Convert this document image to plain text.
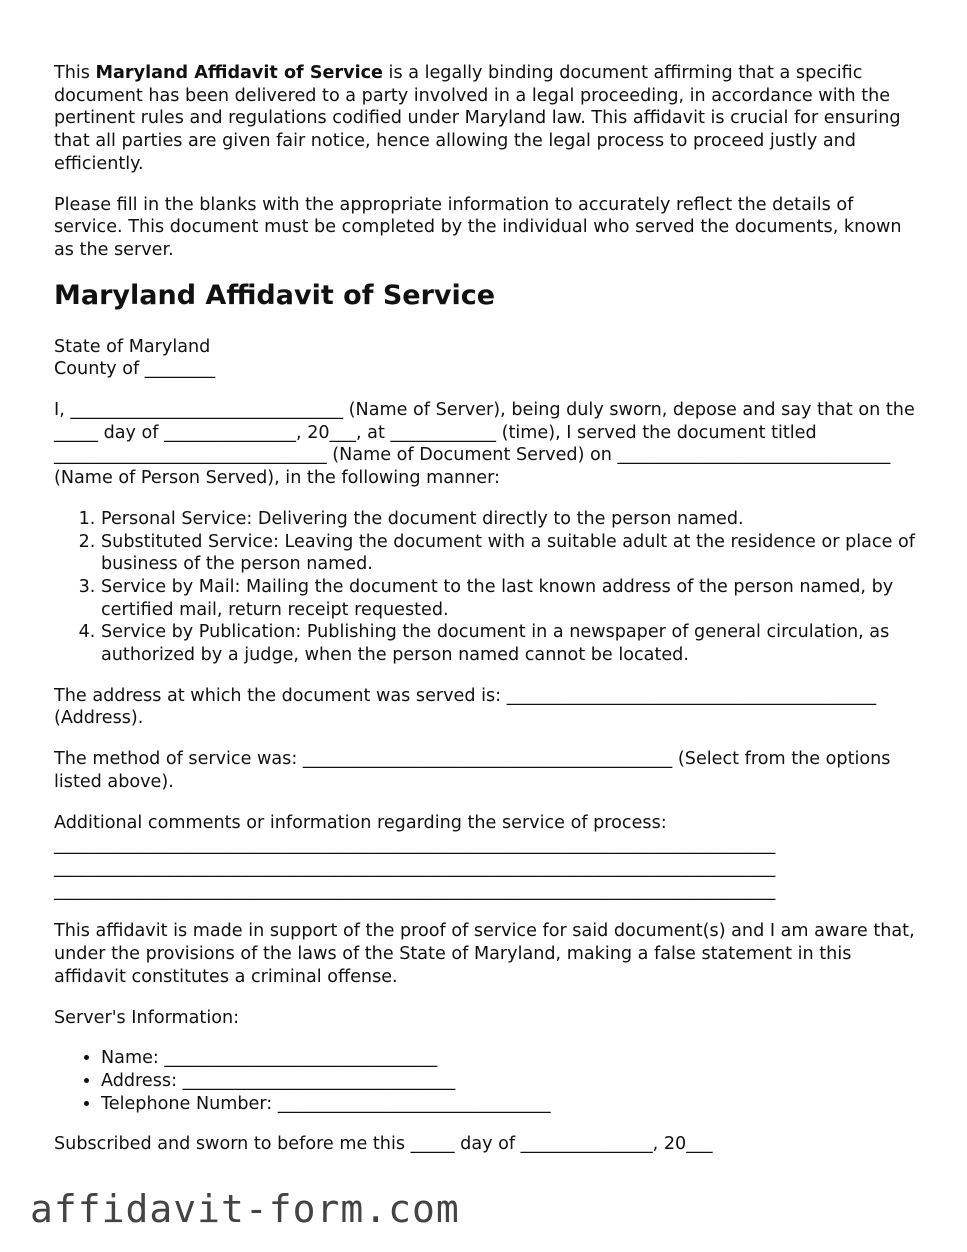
This Maryland Affidavit of Service is a legally binding document affirming that a specific document has been delivered to a party involved in a legal proceeding, in accordance with the pertinent rules and regulations codified under Maryland law. This affidavit is crucial for ensuring that all parties are given fair notice, hence allowing the legal process to proceed justly and efficiently.

Please fill in the blanks with the appropriate information to accurately reflect the details of service. This document must be completed by the individual who served the documents, known as the server.

Maryland Affidavit of Service

State of Maryland
County of ________

I, _______________________________ (Name of Server), being duly sworn, depose and say that on the _____ day of _______________, 20___, at ____________ (time), I served the document titled _______________________________ (Name of Document Served) on _______________________________ (Name of Person Served), in the following manner:

1. Personal Service: Delivering the document directly to the person named.
2. Substituted Service: Leaving the document with a suitable adult at the residence or place of business of the person named.
3. Service by Mail: Mailing the document to the last known address of the person named, by certified mail, return receipt requested.
4. Service by Publication: Publishing the document in a newspaper of general circulation, as authorized by a judge, when the person named cannot be located.

The address at which the document was served is: __________________________________________ (Address).

The method of service was: __________________________________________ (Select from the options listed above).

Additional comments or information regarding the service of process:
__________________________________________________________________________________
__________________________________________________________________________________
__________________________________________________________________________________

This affidavit is made in support of the proof of service for said document(s) and I am aware that, under the provisions of the laws of the State of Maryland, making a false statement in this affidavit constitutes a criminal offense.

Server's Information:

• Name: _______________________________
• Address: _______________________________
• Telephone Number: _______________________________

Subscribed and sworn to before me this _____ day of _______________, 20___

affidavit-form.com
